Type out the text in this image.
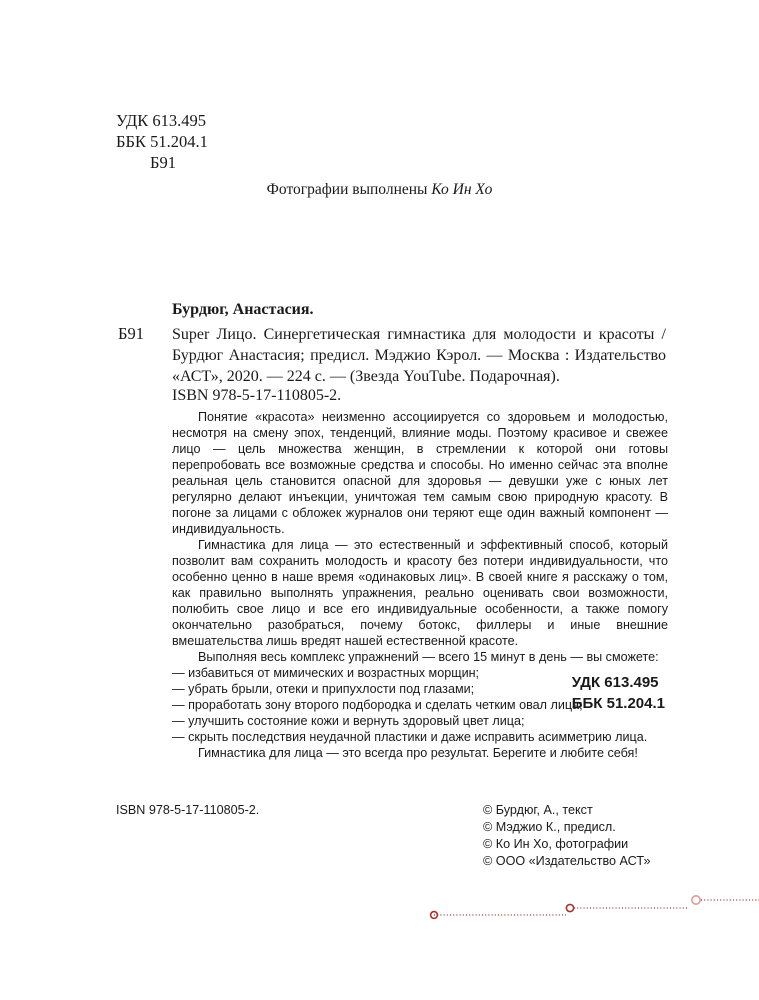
УДК 613.495
ББК 51.204.1
Б91
Фотографии выполнены Ко Ин Хо
Бурдюг, Анастасия.
Б91 Super Лицо. Синергетическая гимнастика для молодости и красоты / Бурдюг Анастасия; предисл. Мэджио Кэрол. — Москва : Издательство «АСТ», 2020. — 224 с. — (Звезда YouTube. Подарочная).
ISBN 978-5-17-110805-2.

Понятие «красота» неизменно ассоциируется со здоровьем и молодостью, несмотря на смену эпох, тенденций, влияние моды. Поэтому красивое и свежее лицо — цель множества женщин, в стремлении к которой они готовы перепробовать все возможные средства и способы. Но именно сейчас эта вполне реальная цель становится опасной для здоровья — девушки уже с юных лет регулярно делают инъекции, уничтожая тем самым свою природную красоту. В погоне за лицами с обложек журналов они теряют еще один важный компонент — индивидуальность.

Гимнастика для лица — это естественный и эффективный способ, который позволит вам сохранить молодость и красоту без потери индивидуальности, что особенно ценно в наше время «одинаковых лиц». В своей книге я расскажу о том, как правильно выполнять упражнения, реально оценивать свои возможности, полюбить свое лицо и все его индивидуальные особенности, а также помогу окончательно разобраться, почему ботокс, филлеры и иные внешние вмешательства лишь вредят нашей естественной красоте.

Выполняя весь комплекс упражнений — всего 15 минут в день — вы сможете:

— избавиться от мимических и возрастных морщин;

— убрать брыли, отеки и припухлости под глазами;

— проработать зону второго подбородка и сделать четким овал лица;

— улучшить состояние кожи и вернуть здоровый цвет лица;

— скрыть последствия неудачной пластики и даже исправить асимметрию лица.

Гимнастика для лица — это всегда про результат. Берегите и любите себя!

УДК 613.495
ББК 51.204.1
ISBN 978-5-17-110805-2.	© Бурдюг, А., текст
© Мэджио К., предисл.
© Ко Ин Хо, фотографии
© ООО «Издательство АСТ»
